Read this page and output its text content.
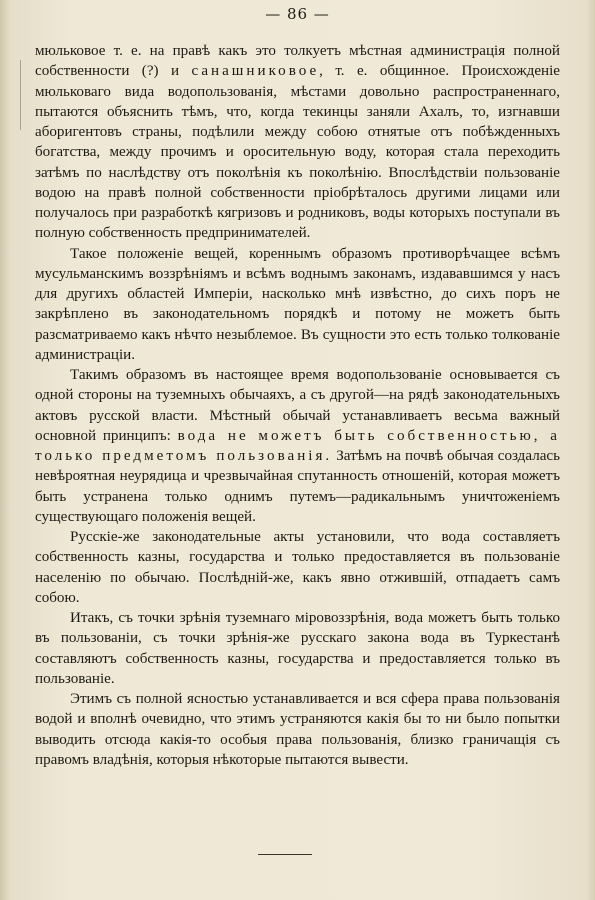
— 86 —

мюльковое т. е. на правѣ какъ это толкуетъ мѣстная администрація полной собственности (?) и санашниковое, т. е. общинное. Происхожденіе мюльковаго вида водопользованія, мѣстами довольно распространеннаго, пытаются объяснить тѣмъ, что, когда текинцы заняли Ахалъ, то, изгнавши аборигентовъ страны, подѣлили между собою отнятые отъ побѣжденныхъ богатства, между прочимъ и оросительную воду, которая стала переходить затѣмъ по наслѣдству отъ поколѣнія къ поколѣнію. Впослѣдствіи пользованіе водою на правѣ полной собственности пріобрѣталось другими лицами или получалось при разработкѣ кягризовъ и родниковъ, воды которыхъ поступали въ полную собственность предпринимателей.

Такое положеніе вещей, кореннымъ образомъ противорѣчащее всѣмъ мусульманскимъ воззрѣніямъ и всѣмъ воднымъ законамъ, издававшимся у насъ для другихъ областей Имперіи, насколько мнѣ извѣстно, до сихъ поръ не закрѣплено въ законодательномъ порядкѣ и потому не можетъ быть разсматриваемо какъ нѣчто незыблемое. Въ сущности это есть только толкованіе администраціи.

Такимъ образомъ въ настоящее время водопользованіе основывается съ одной стороны на туземныхъ обычаяхъ, а съ другой—на рядѣ законодательныхъ актовъ русской власти. Мѣстный обычай устанавливаетъ весьма важный основной принципъ: вода не можетъ быть собственностью, а только предметомъ пользованія. Затѣмъ на почвѣ обычая создалась невѣроятная неурядица и чрезвычайная спутанность отношеній, которая можетъ быть устранена только однимъ путемъ—радикальнымъ уничтоженіемъ существующаго положенія вещей.

Русскіе-же законодательные акты установили, что вода составляетъ собственность казны, государства и только предоставляется въ пользованіе населенію по обычаю. Послѣдній-же, какъ явно отжившій, отпадаетъ самъ собою.

Итакъ, съ точки зрѣнія туземнаго міровоззрѣнія, вода можетъ быть только въ пользованіи, съ точки зрѣнія-же русскаго закона вода въ Туркестанѣ составляютъ собственность казны, государства и предоставляется только въ пользованіе.

Этимъ съ полной ясностью устанавливается и вся сфера права пользованія водой и вполнѣ очевидно, что этимъ устраняются какія бы то ни было попытки выводить отсюда какія-то особыя права пользованія, близко граничащія съ правомъ владѣнія, которыя нѣкоторые пытаются вывести.
